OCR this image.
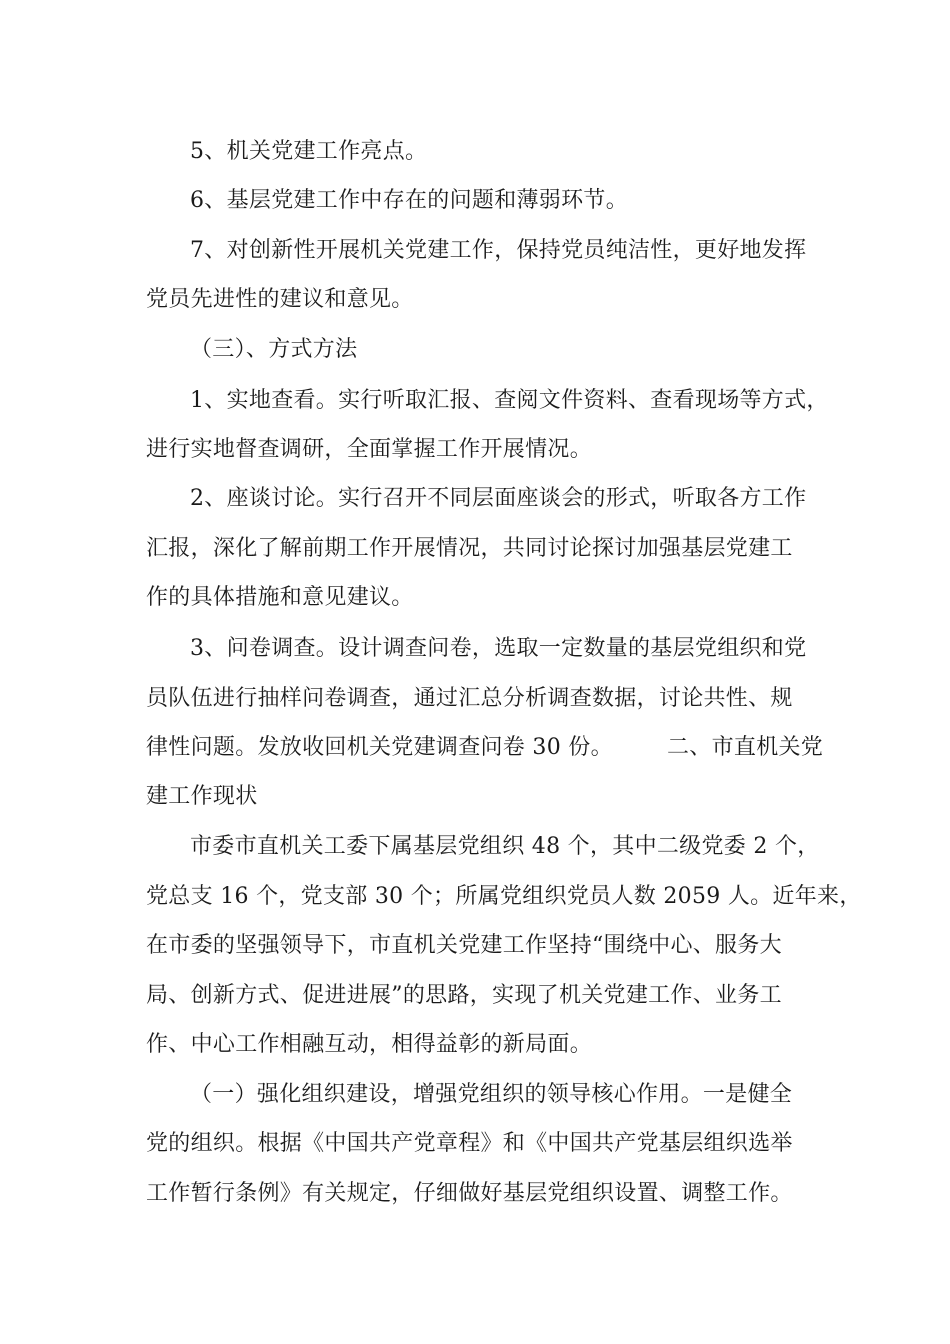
5、机关党建工作亮点。
6、基层党建工作中存在的问题和薄弱环节。
7、对创新性开展机关党建工作，保持党员纯洁性，更好地发挥
党员先进性的建议和意见。
（三）、方式方法
1、实地查看。实行听取汇报、查阅文件资料、查看现场等方式，
进行实地督查调研，全面掌握工作开展情况。
2、座谈讨论。实行召开不同层面座谈会的形式，听取各方工作
汇报，深化了解前期工作开展情况，共同讨论探讨加强基层党建工
作的具体措施和意见建议。
3、问卷调查。设计调查问卷，选取一定数量的基层党组织和党
员队伍进行抽样问卷调查，通过汇总分析调查数据，讨论共性、规
律性问题。发放收回机关党建调查问卷 30 份。	二、市直机关党
建工作现状
市委市直机关工委下属基层党组织 48 个，其中二级党委 2 个，
党总支 16 个，党支部 30 个；所属党组织党员人数 2059 人。近年来，
在市委的坚强领导下，市直机关党建工作坚持“围绕中心、服务大
局、创新方式、促进进展”的思路，实现了机关党建工作、业务工
作、中心工作相融互动，相得益彰的新局面。
（一）强化组织建设，增强党组织的领导核心作用。一是健全
党的组织。根据《中国共产党章程》和《中国共产党基层组织选举
工作暂行条例》有关规定，仔细做好基层党组织设置、调整工作。
